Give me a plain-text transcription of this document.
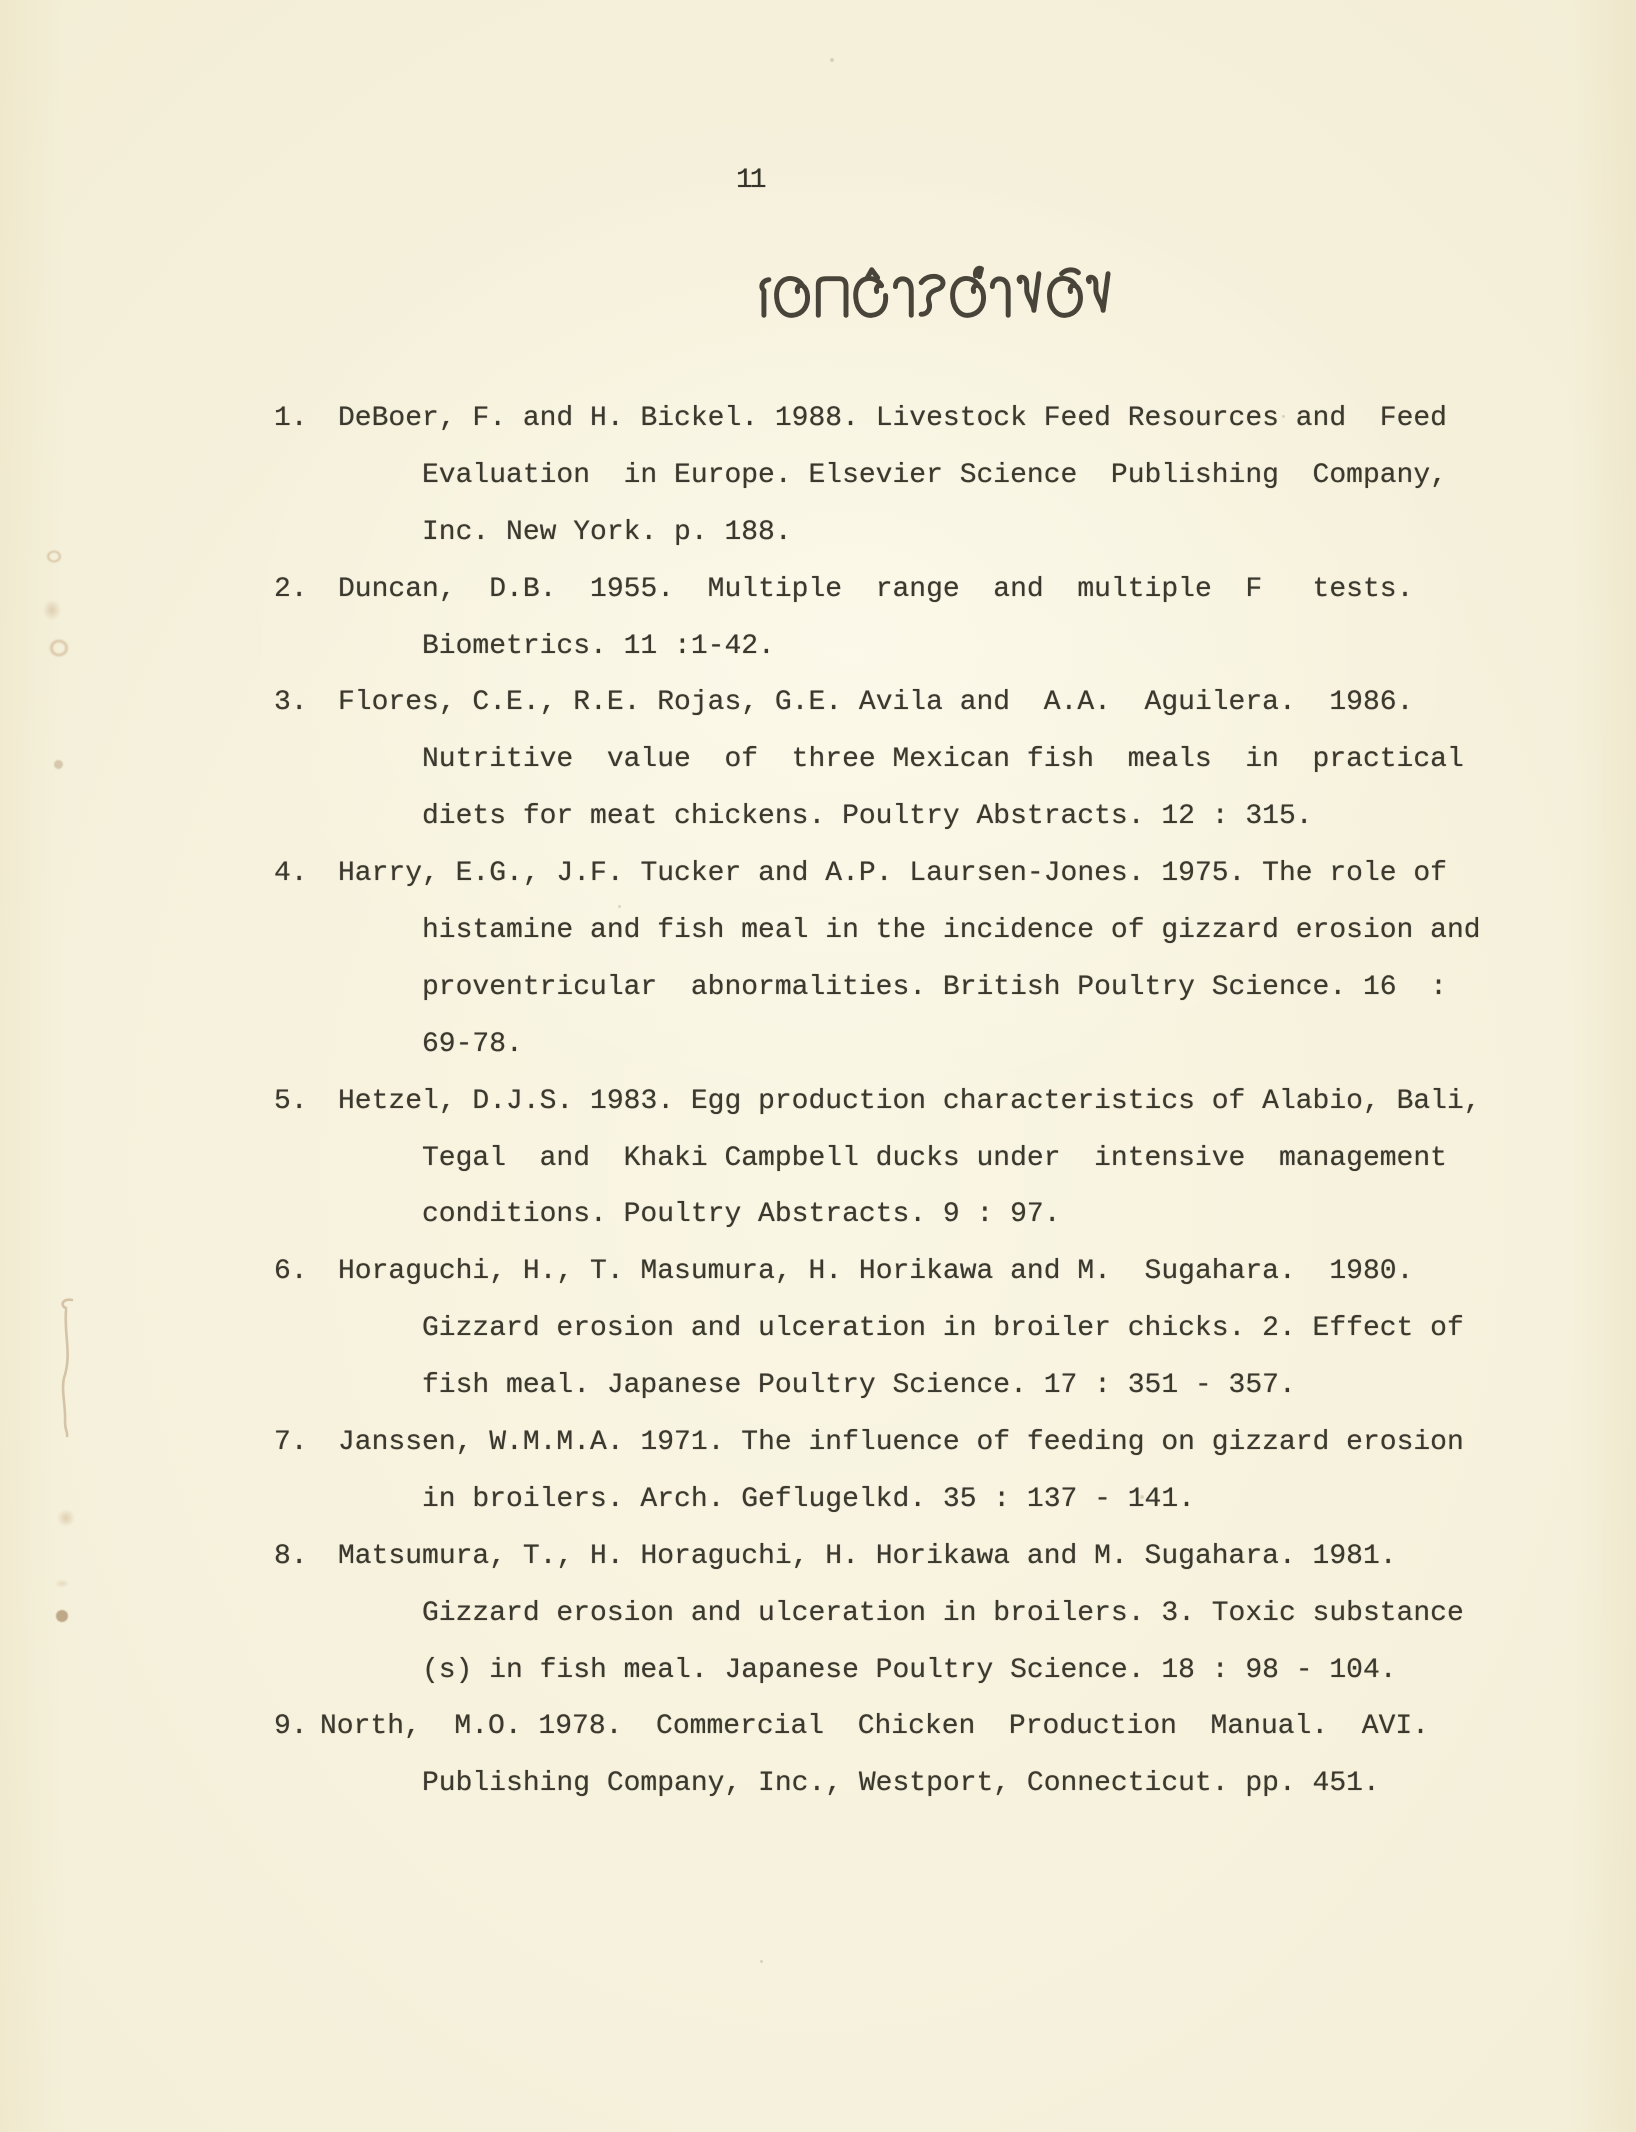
11
1. DeBoer, F. and H. Bickel. 1988. Livestock Feed Resources and  Feed
Evaluation  in Europe. Elsevier Science  Publishing  Company,
Inc. New York. p. 188.
2. Duncan,  D.B.  1955.  Multiple  range  and  multiple  F   tests.
Biometrics. 11 :1-42.
3. Flores, C.E., R.E. Rojas, G.E. Avila and  A.A.  Aguilera.  1986.
Nutritive  value  of  three Mexican fish  meals  in  practical
diets for meat chickens. Poultry Abstracts. 12 : 315.
4. Harry, E.G., J.F. Tucker and A.P. Laursen-Jones. 1975. The role of
histamine and fish meal in the incidence of gizzard erosion and
proventricular  abnormalities. British Poultry Science. 16  :
69-78.
5. Hetzel, D.J.S. 1983. Egg production characteristics of Alabio, Bali,
Tegal  and  Khaki Campbell ducks under  intensive  management
conditions. Poultry Abstracts. 9 : 97.
6. Horaguchi, H., T. Masumura, H. Horikawa and M.  Sugahara.  1980.
Gizzard erosion and ulceration in broiler chicks. 2. Effect of
fish meal. Japanese Poultry Science. 17 : 351 - 357.
7. Janssen, W.M.M.A. 1971. The influence of feeding on gizzard erosion
in broilers. Arch. Geflugelkd. 35 : 137 - 141.
8. Matsumura, T., H. Horaguchi, H. Horikawa and M. Sugahara. 1981.
Gizzard erosion and ulceration in broilers. 3. Toxic substance
(s) in fish meal. Japanese Poultry Science. 18 : 98 - 104.
9. North,  M.O. 1978.  Commercial  Chicken  Production  Manual.  AVI.
Publishing Company, Inc., Westport, Connecticut. pp. 451.
